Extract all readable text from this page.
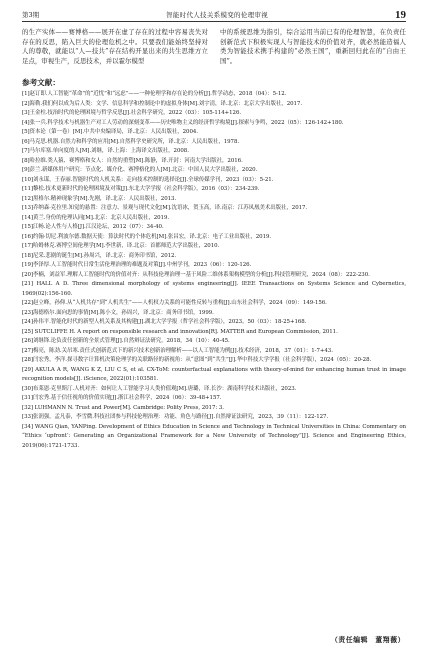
第3期	智能时代人技关系模变的伦理审视	19

的生产实体——赛博格——展开在虚了存在的过程中容易丧失对存在的反思，陷入巨大的伦理危机之中。只要我们能始终坚持对人的尊敬，就能以“人—技共”存在结构开显出来的共生思维方立足点，审视生产，反思技术，并以霍尔模型

中的系统思维为指引，综合运用当前已有的伦理智慧，在负责任创新范式下积极实现人与智能技术的价值对齐，就必然能造福人类为智能技术携手构建的“必然王国”，重新回归此在的“自由王国”。

参考文献：

[1]赵订即.人工智能“革命”的“近忧”和“远虑”——一种伦理学和存在论的分析[J].哲学动态，2018（04）：5-12.

[2]海勒.我们何以成为后人类：文学、信息科学和控制论中的虚拟身体[M].刘宇清，译.北京：北京大学出版社，2017.

[3]王金柱.技治时代的伦理困境与哲学反思[J].社会科学研究，2022（03）：105-114+126.

[4]张一兵.科学技术与机器生产对工人劳动的深刻变革——历史唯物主义的经济哲学构境[J].探索与争鸣，2022（05）：126-142+180.

[5]资本论（第一卷）[M].中共中央编译局，译.北京：人民出版社，2004.

[6]马克思.机器.自然力和科学的应用[M].自然科学史研究所，译.北京：人民出版社，1978.

[7]马尔库塞.单向度的人[M].刘继，译.上海：上海译文出版社，2008.

[8]哈拉维.类人猿、赛博格和女人：自然的重塑[M].陈静，译.开封：河南大学出版社，2016.

[9]彭兰.新媒体用户研究：节点化、媒介化、赛博格化的人[M].北京：中国人民大学出版社，2020.

[10]刘永谋，王春丽.智能时代的人机关系：走向技术控制的选择论[J].全球传媒学刊，2023（03）：5-21.

[11]黎松.技术更新时代的伦理困境及对策[J].东北大学学报（社会科学版），2016（03）：234-239.

[12]黑格尔.精神现象学[M].先刚，译.北京：人民出版社，2013.

[13]乔纳森·克拉里.知觉的悬置：注意力、景观与现代文化[M].沈语冰，贺玉高，译.南京：江苏凤凰美术出版社，2017.

[14]黄兰.身份的伦理认同[M].北京：北京人民出版社，2019.

[15]江畅.论人性与人格[J].江汉论坛，2012（07）：34-40.

[16]约翰·切尼.利波尔德.数据天使：算法时代的个体危机[M].张昌宏，译.北京：电子工业出版社，2019.

[17]哈姆林克.赛博空间伦理学[M].李世新，译.北京：首都师范大学出版社，2010.

[18]尼采.悲剧的诞生[M].孙周兴，译.北京：商务印书馆，2012.

[19]李泽厚.人工智能时代日常生活伦理治理的难题及对策[J].中州学刊，2023（06）：120-126.

[20]李楠，刘益军.理解人工智能时代的价值对齐：从科技伦理治理一基于风险二维体系架构模型的分析[J].科技管理研究，2024（08）：222-230.

[21] HALL A D. Three dimensional morphology of systems engineering[J]. IEEE Transactions on Systems Science and Cybernetics, 1969(02):156-160.

[22]赵立峰，孙仰.从“人机共存”到“人机共生”——人机权力关系的可能性反转与重构[J].山东社会科学，2024（09）：149-156.

[23]海德格尔.面向思的事情[M].陈小文，孙周兴，译.北京：商务印书馆，1999.

[24]孙伟平.智能化时代的新型人机关系及其构建[J].湖北大学学报（哲学社会科学版），2023，50（03）：18-25+168.

[25] SUTCLIFFE H. A report on responsible research and innovation[R]. MATTER and European Commission, 2011.

[26]刘继锋.论负责任创新的全景式管理[J].自然辩证法研究，2018，34（10）：40-45.

[27]梅亮，陈劲.关吊寒.责任式创新范式下的新兴技术创新治理解析——以人工智能为例[J].技术经济，2018，37（01）：1-7+43.

[28]闫宏秀，李洋.探寻数字计算机决策伦理学的关联路径的新视角：从“意图”到“共生”[J].华中科技大学学报（社会科学版），2024（05）：20-28.

[29] AKULA A R, WANG K Z, LIU C S, et al. CX-ToM: counterfactual explanations with theory-of-mind for enhancing human trust in image recognition models[J]. iScience, 2022(01):103581.

[30]布莱恩·克里斯汀.人机对齐：如何让人工智能学习人类价值观[M].唐璐，译.长沙：湖南科学技术出版社，2023.

[31]闫宏秀.基于信任视角的价值实现[J].浙江社会科学，2024（06）：39-48+157.

[32] LUHMANN N. Trust and Power[M]. Cambridge: Polity Press, 2017: 3.

[33]张润强，孟凡泰，李雪微.科技社团参与科技伦理治理：功能、角色与路径[J].自然辩证法研究，2023，39（11）：122-127.

[34] WANG Qian, YANPing. Development of Ethics Education in Science and Technology in Technical Universities in China: Commentary on “Ethics ‘upfront’: Generating an Organizational Framework for a New University of Technology”[J]. Science and Engineering Ethics, 2019(06):1721-1733.

（责任编辑　董翔薇）
